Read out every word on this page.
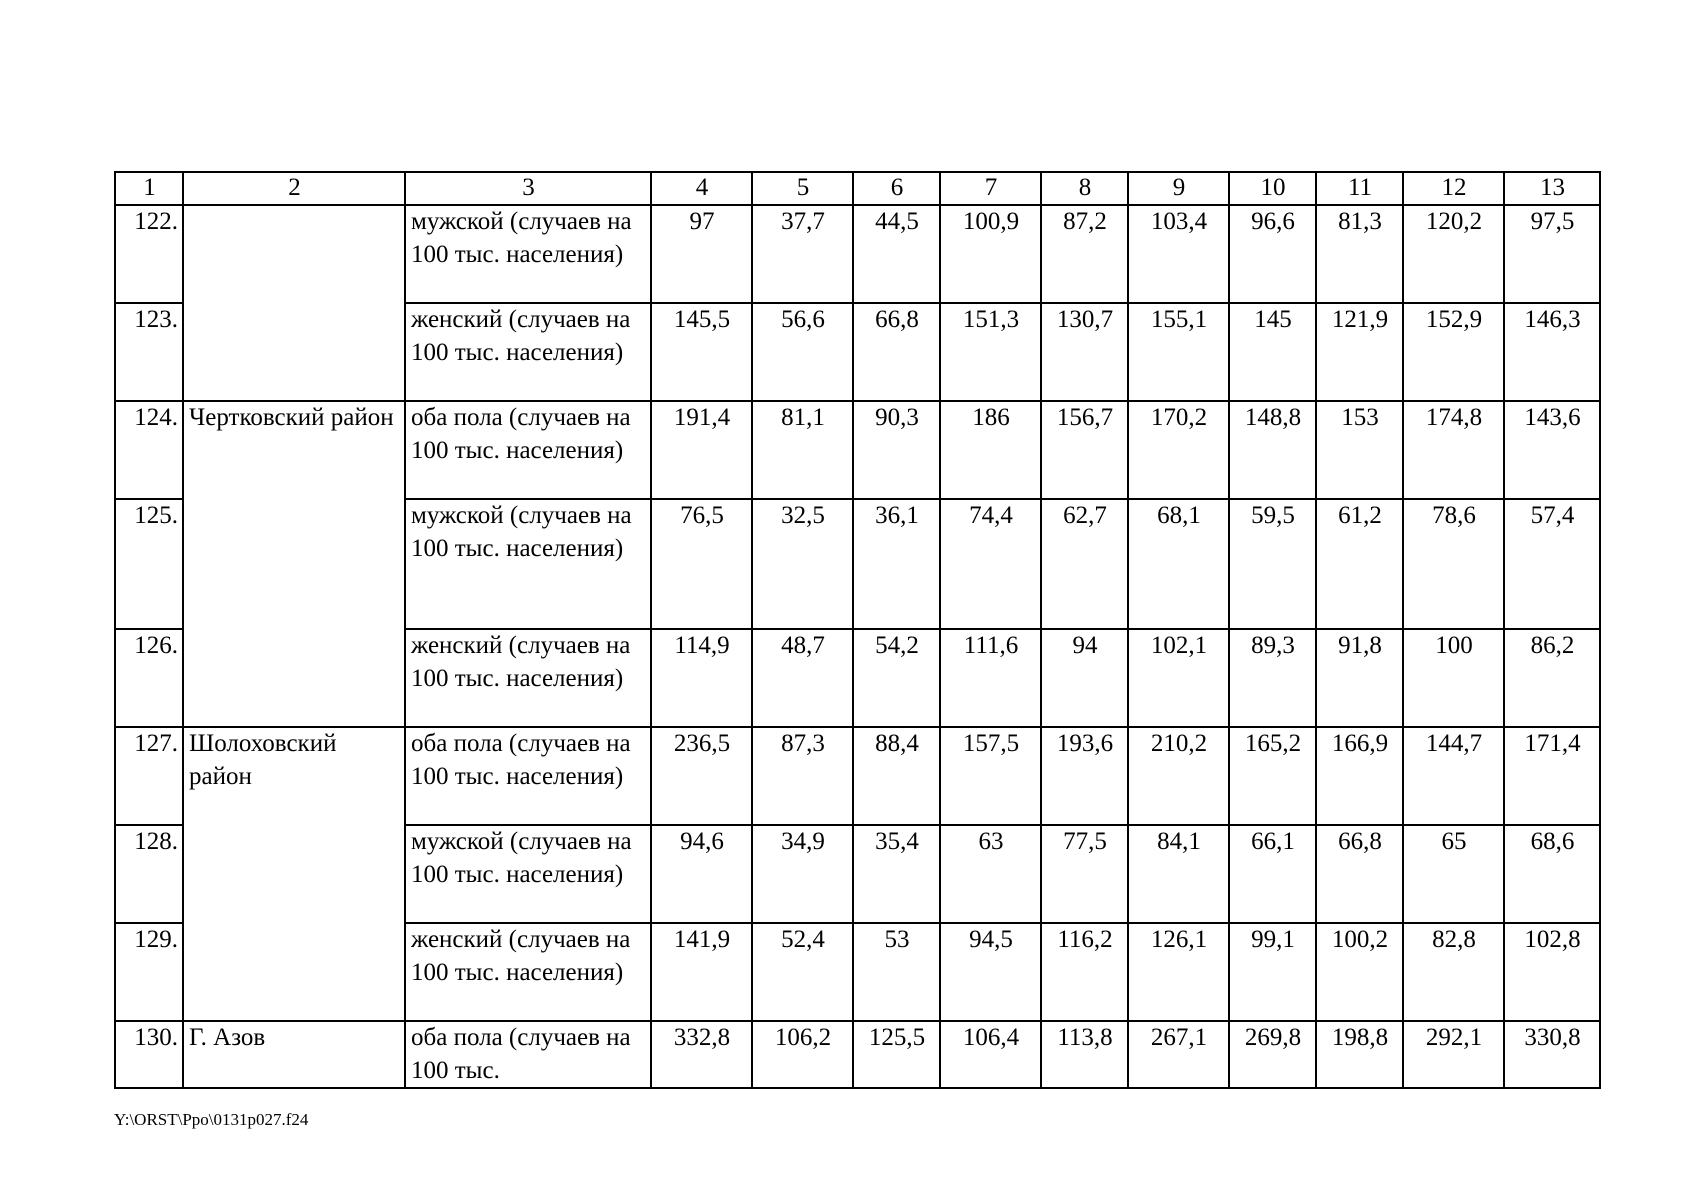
1	2	3	4	5	6	7	8	9	10	11	12	13
122.		мужской (случаев на 100 тыс. населения)	97	37,7	44,5	100,9	87,2	103,4	96,6	81,3	120,2	97,5
123.		женский (случаев на 100 тыс. населения)	145,5	56,6	66,8	151,3	130,7	155,1	145	121,9	152,9	146,3
124.	Чертковский район	оба пола (случаев на 100 тыс. населения)	191,4	81,1	90,3	186	156,7	170,2	148,8	153	174,8	143,6
125.		мужской (случаев на 100 тыс. населения)	76,5	32,5	36,1	74,4	62,7	68,1	59,5	61,2	78,6	57,4
126.		женский (случаев на 100 тыс. населения)	114,9	48,7	54,2	111,6	94	102,1	89,3	91,8	100	86,2
127.	Шолоховский район	оба пола (случаев на 100 тыс. населения)	236,5	87,3	88,4	157,5	193,6	210,2	165,2	166,9	144,7	171,4
128.		мужской (случаев на 100 тыс. населения)	94,6	34,9	35,4	63	77,5	84,1	66,1	66,8	65	68,6
129.		женский (случаев на 100 тыс. населения)	141,9	52,4	53	94,5	116,2	126,1	99,1	100,2	82,8	102,8
130.	Г. Азов	оба пола (случаев на 100 тыс.	332,8	106,2	125,5	106,4	113,8	267,1	269,8	198,8	292,1	330,8
Y:\ORST\Ppo\0131p027.f24
